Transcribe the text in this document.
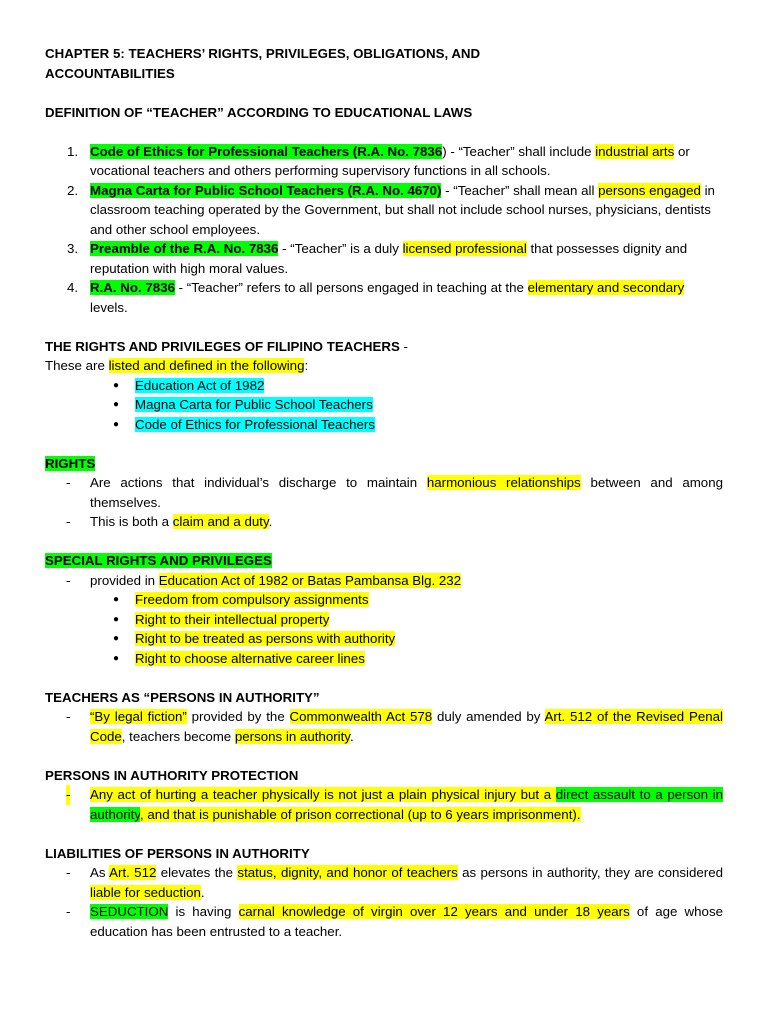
CHAPTER 5: TEACHERS’ RIGHTS, PRIVILEGES, OBLIGATIONS, AND
ACCOUNTABILITIES

DEFINITION OF “TEACHER” ACCORDING TO EDUCATIONAL LAWS

1. Code of Ethics for Professional Teachers (R.A. No. 7836) - “Teacher” shall include industrial arts or vocational teachers and others performing supervisory functions in all schools.
2. Magna Carta for Public School Teachers (R.A. No. 4670) - “Teacher” shall mean all persons engaged in classroom teaching operated by the Government, but shall not include school nurses, physicians, dentists and other school employees.
3. Preamble of the R.A. No. 7836 - “Teacher” is a duly licensed professional that possesses dignity and reputation with high moral values.
4. R.A. No. 7836 - “Teacher” refers to all persons engaged in teaching at the elementary and secondary levels.

THE RIGHTS AND PRIVILEGES OF FILIPINO TEACHERS -

These are listed and defined in the following:
● Education Act of 1982
● Magna Carta for Public School Teachers
● Code of Ethics for Professional Teachers

RIGHTS

- Are actions that individual’s discharge to maintain harmonious relationships between and among themselves.
- This is both a claim and a duty.

SPECIAL RIGHTS AND PRIVILEGES

- provided in Education Act of 1982 or Batas Pambansa Blg. 232
● Freedom from compulsory assignments
● Right to their intellectual property
● Right to be treated as persons with authority
● Right to choose alternative career lines

TEACHERS AS “PERSONS IN AUTHORITY”

- “By legal fiction” provided by the Commonwealth Act 578 duly amended by Art. 512 of the Revised Penal Code, teachers become persons in authority.

PERSONS IN AUTHORITY PROTECTION

- Any act of hurting a teacher physically is not just a plain physical injury but a direct assault to a person in authority, and that is punishable of prison correctional (up to 6 years imprisonment).

LIABILITIES OF PERSONS IN AUTHORITY

- As Art. 512 elevates the status, dignity, and honor of teachers as persons in authority, they are considered liable for seduction.
- SEDUCTION is having carnal knowledge of virgin over 12 years and under 18 years of age whose education has been entrusted to a teacher.
